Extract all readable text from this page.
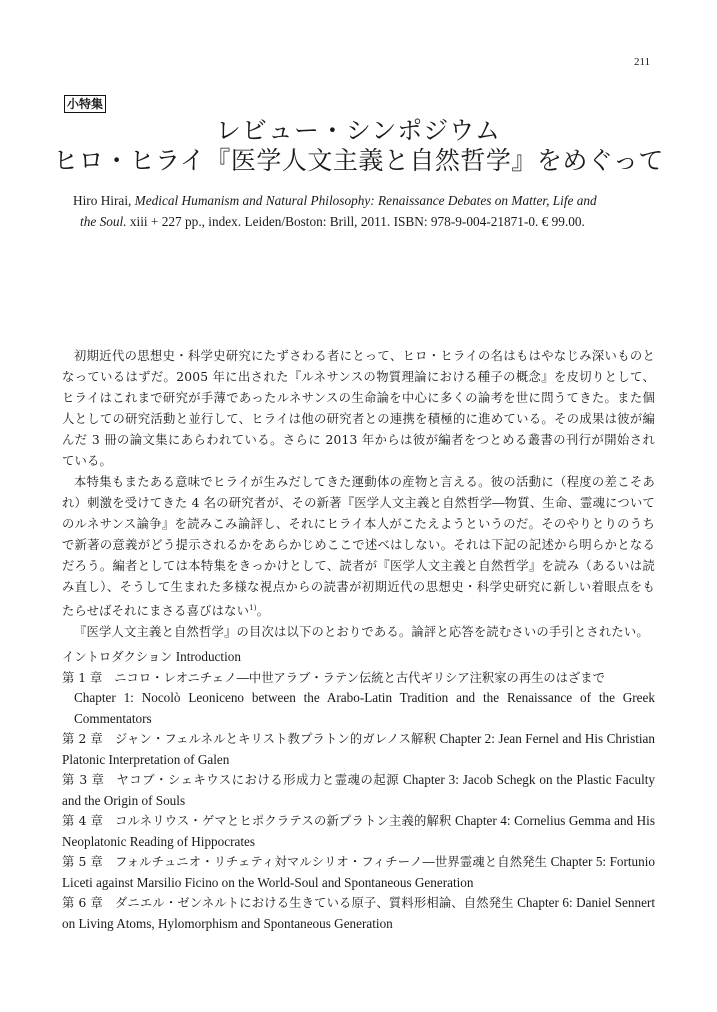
211
小特集
レビュー・シンポジウム
ヒロ・ヒライ『医学人文主義と自然哲学』をめぐって
Hiro Hirai, Medical Humanism and Natural Philosophy: Renaissance Debates on Matter, Life and
the Soul. xiii + 227 pp., index. Leiden/Boston: Brill, 2011. ISBN: 978-9-004-21871-0. € 99.00.

初期近代の思想史・科学史研究にたずさわる者にとって、ヒロ・ヒライの名はもはやなじみ深いものとなっているはずだ。2005 年に出された『ルネサンスの物質理論における種子の概念』を皮切りとして、ヒライはこれまで研究が手薄であったルネサンスの生命論を中心に多くの論考を世に問うてきた。また個人としての研究活動と並行して、ヒライは他の研究者との連携を積極的に進めている。その成果は彼が編んだ 3 冊の論文集にあらわれている。さらに 2013 年からは彼が編者をつとめる叢書の刊行が開始されている。

本特集もまたある意味でヒライが生みだしてきた運動体の産物と言える。彼の活動に（程度の差こそあれ）刺激を受けてきた 4 名の研究者が、その新著『医学人文主義と自然哲学―物質、生命、霊魂についてのルネサンス論争』を読みこみ論評し、それにヒライ本人がこたえようというのだ。そのやりとりのうちで新著の意義がどう提示されるかをあらかじめここで述べはしない。それは下記の記述から明らかとなるだろう。編者としては本特集をきっかけとして、読者が『医学人文主義と自然哲学』を読み（あるいは読み直し）、そうして生まれた多様な視点からの読書が初期近代の思想史・科学史研究に新しい着眼点をもたらせばそれにまさる喜びはない$^{1)}$。

『医学人文主義と自然哲学』の目次は以下のとおりである。論評と応答を読むさいの手引とされたい。

イントロダクション Introduction
第 1 章 ニコロ・レオニチェノ―中世アラブ・ラテン伝統と古代ギリシア注釈家の再生のはざまで
Chapter 1: Nocolò Leoniceno between the Arabo-Latin Tradition and the Renaissance of the Greek Commentators
第 2 章 ジャン・フェルネルとキリスト教プラトン的ガレノス解釈 Chapter 2: Jean Fernel and His Christian Platonic Interpretation of Galen
第 3 章 ヤコブ・シェキウスにおける形成力と霊魂の起源 Chapter 3: Jacob Schegk on the Plastic Faculty and the Origin of Souls
第 4 章 コルネリウス・ゲマとヒポクラテスの新プラトン主義的解釈 Chapter 4: Cornelius Gemma and His Neoplatonic Reading of Hippocrates
第 5 章 フォルチュニオ・リチェティ対マルシリオ・フィチーノ―世界霊魂と自然発生 Chapter 5: Fortunio Liceti against Marsilio Ficino on the World-Soul and Spontaneous Generation
第 6 章 ダニエル・ゼンネルトにおける生きている原子、質料形相論、自然発生 Chapter 6: Daniel Sennert on Living Atoms, Hylomorphism and Spontaneous Generation
